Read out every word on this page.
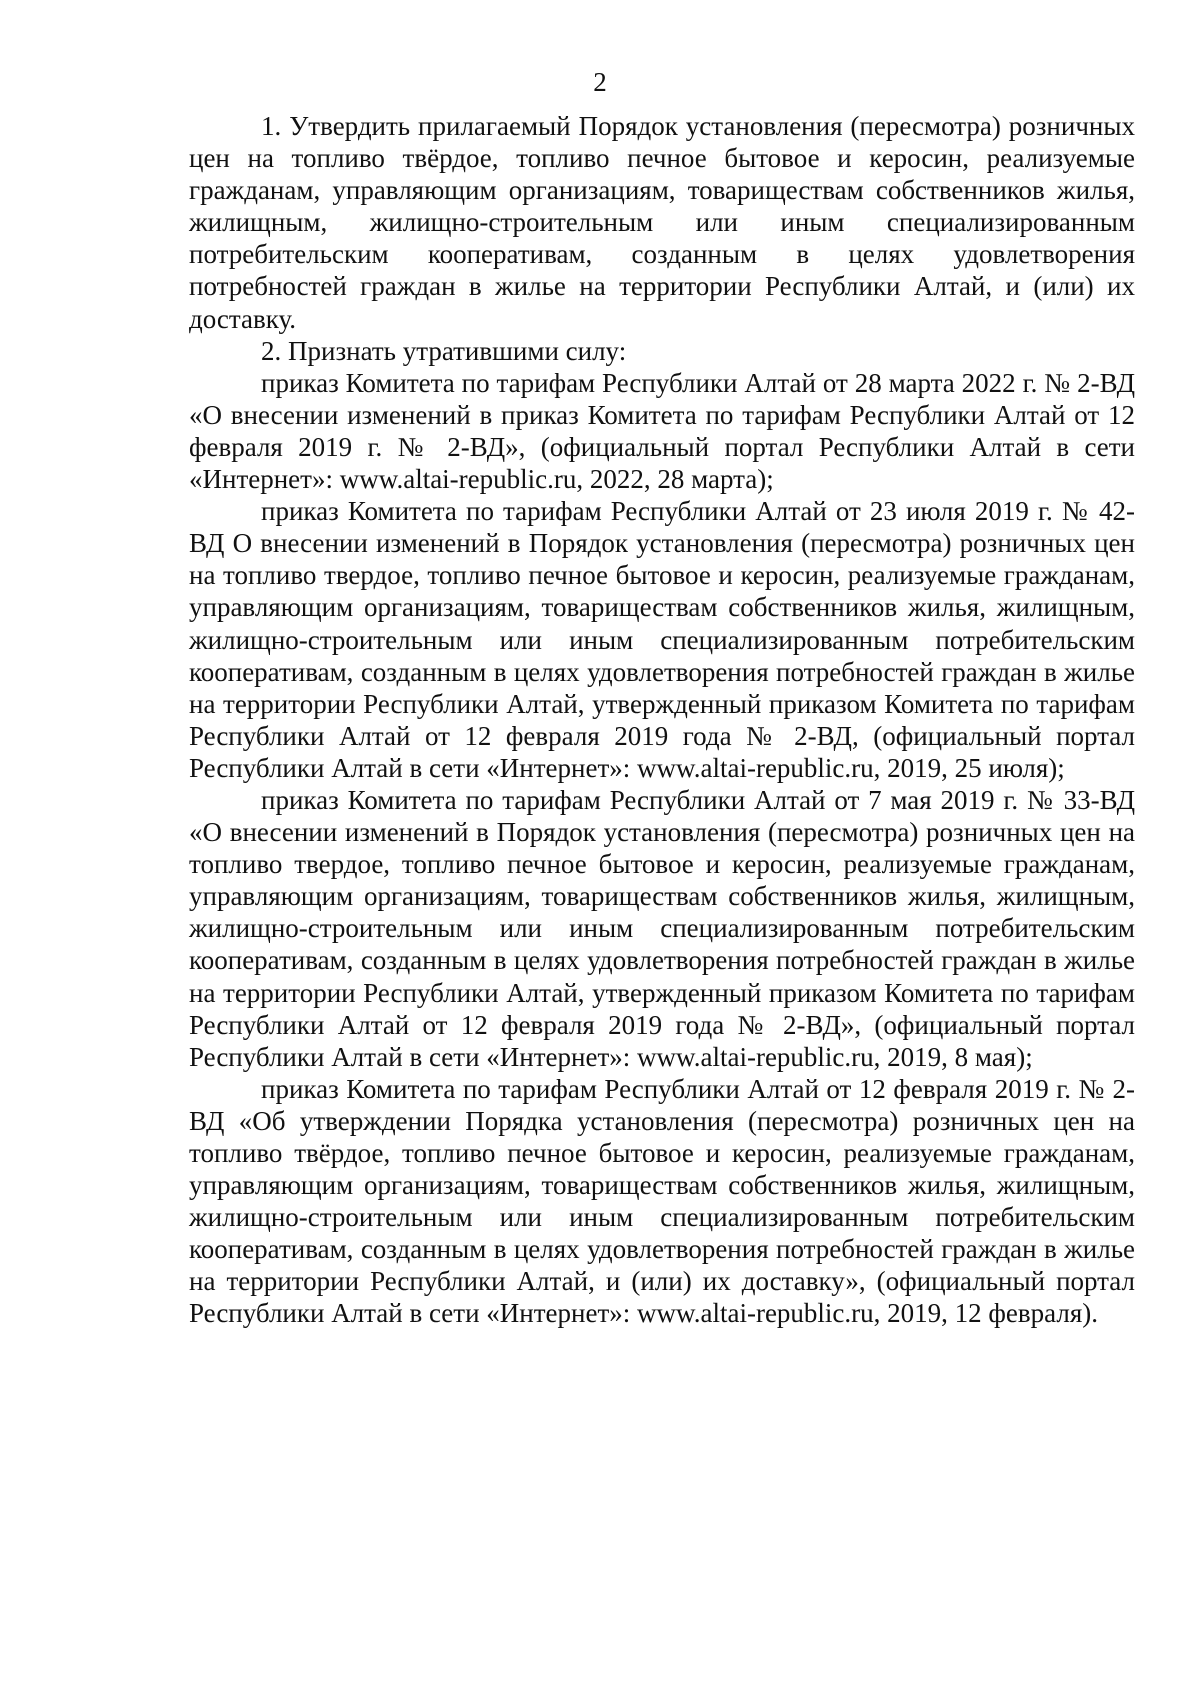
2

1. Утвердить прилагаемый Порядок установления (пересмотра) розничных цен на топливо твёрдое, топливо печное бытовое и керосин, реализуемые гражданам, управляющим организациям, товариществам собственников жилья, жилищным, жилищно-строительным или иным специализированным потребительским кооперативам, созданным в целях удовлетворения потребностей граждан в жилье на территории Республики Алтай, и (или) их доставку.

2. Признать утратившими силу:

приказ Комитета по тарифам Республики Алтай от 28 марта 2022 г. № 2-ВД «О внесении изменений в приказ Комитета по тарифам Республики Алтай от 12 февраля 2019 г. № 2-ВД», (официальный портал Республики Алтай в сети «Интернет»: www.altai-republic.ru, 2022, 28 марта);

приказ Комитета по тарифам Республики Алтай от 23 июля 2019 г. № 42-ВД О внесении изменений в Порядок установления (пересмотра) розничных цен на топливо твердое, топливо печное бытовое и керосин, реализуемые гражданам, управляющим организациям, товариществам собственников жилья, жилищным, жилищно-строительным или иным специализированным потребительским кооперативам, созданным в целях удовлетворения потребностей граждан в жилье на территории Республики Алтай, утвержденный приказом Комитета по тарифам Республики Алтай от 12 февраля 2019 года № 2-ВД, (официальный портал Республики Алтай в сети «Интернет»: www.altai-republic.ru, 2019, 25 июля);

приказ Комитета по тарифам Республики Алтай от 7 мая 2019 г. № 33-ВД «О внесении изменений в Порядок установления (пересмотра) розничных цен на топливо твердое, топливо печное бытовое и керосин, реализуемые гражданам, управляющим организациям, товариществам собственников жилья, жилищным, жилищно-строительным или иным специализированным потребительским кооперативам, созданным в целях удовлетворения потребностей граждан в жилье на территории Республики Алтай, утвержденный приказом Комитета по тарифам Республики Алтай от 12 февраля 2019 года № 2-ВД», (официальный портал Республики Алтай в сети «Интернет»: www.altai-republic.ru, 2019, 8 мая);

приказ Комитета по тарифам Республики Алтай от 12 февраля 2019 г. № 2-ВД «Об утверждении Порядка установления (пересмотра) розничных цен на топливо твёрдое, топливо печное бытовое и керосин, реализуемые гражданам, управляющим организациям, товариществам собственников жилья, жилищным, жилищно-строительным или иным специализированным потребительским кооперативам, созданным в целях удовлетворения потребностей граждан в жилье на территории Республики Алтай, и (или) их доставку», (официальный портал Республики Алтай в сети «Интернет»: www.altai-republic.ru, 2019, 12 февраля).
